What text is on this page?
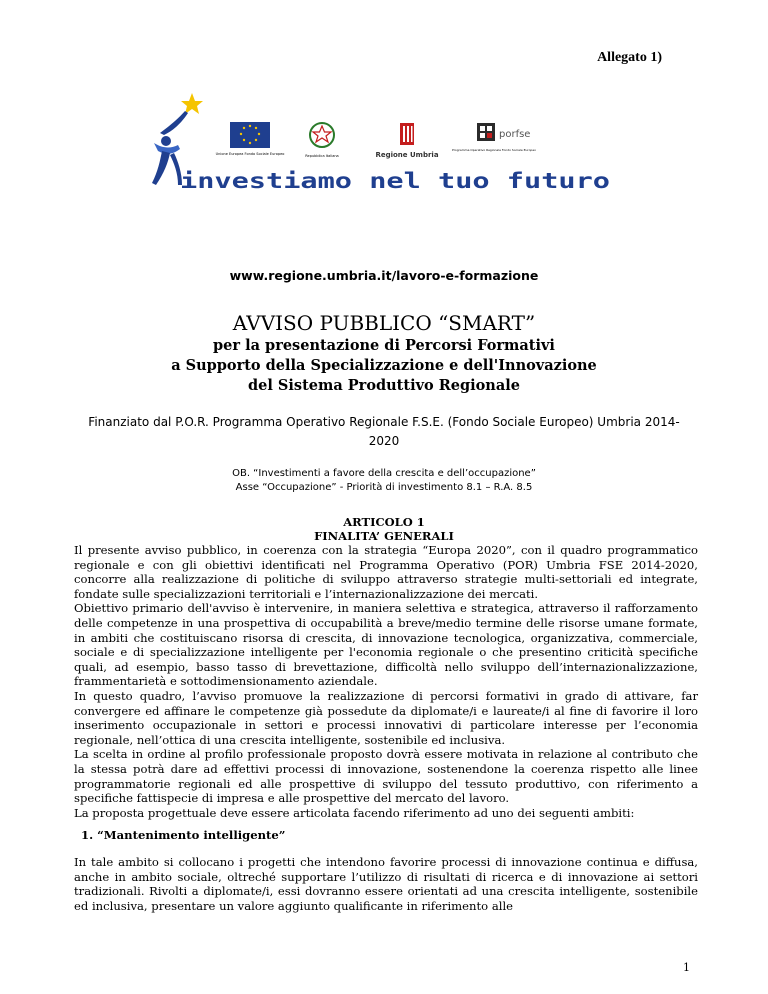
Allegato 1)
Unione Europea Fondo Sociale Europeo	Repubblica Italiana	Regione Umbria
porfse
Programma Operativo Regionale Fondo Sociale Europeo
investiamo nel tuo futuro
www.regione.umbria.it/lavoro-e-formazione
AVVISO PUBBLICO “SMART”
per la presentazione di Percorsi Formativi
a Supporto della Specializzazione e dell'Innovazione
del Sistema Produttivo Regionale
Finanziato dal P.O.R. Programma Operativo Regionale F.S.E. (Fondo Sociale Europeo) Umbria 2014-2020
OB. “Investimenti a favore della crescita e dell’occupazione”
Asse “Occupazione” - Priorità di investimento 8.1 – R.A. 8.5
ARTICOLO 1
FINALITA’ GENERALI

Il presente avviso pubblico, in coerenza con la strategia “Europa 2020”, con il quadro programmatico regionale e con gli obiettivi identificati nel Programma Operativo (POR) Umbria FSE 2014-2020, concorre alla realizzazione di politiche di sviluppo attraverso strategie multi-settoriali ed integrate, fondate sulle specializzazioni territoriali e l’internazionalizzazione dei mercati.

Obiettivo primario dell'avviso è intervenire, in maniera selettiva e strategica, attraverso il rafforzamento delle competenze in una prospettiva di occupabilità a breve/medio termine delle risorse umane formate, in ambiti che costituiscano risorsa di crescita, di innovazione tecnologica, organizzativa, commerciale, sociale e di specializzazione intelligente per l'economia regionale o che presentino criticità specifiche quali, ad esempio, basso tasso di brevettazione, difficoltà nello sviluppo dell’internazionalizzazione, frammentarietà e sottodimensionamento aziendale.

In questo quadro, l’avviso promuove la realizzazione di percorsi formativi in grado di attivare, far convergere ed affinare le competenze già possedute da diplomate/i e laureate/i al fine di favorire il loro inserimento occupazionale in settori e processi innovativi di particolare interesse per l’economia regionale, nell’ottica di una crescita intelligente, sostenibile ed inclusiva.

La scelta in ordine al profilo professionale proposto dovrà essere motivata in relazione al contributo che la stessa potrà dare ad effettivi processi di innovazione, sostenendone la coerenza rispetto alle linee programmatorie regionali ed alle prospettive di sviluppo del tessuto produttivo, con riferimento a specifiche fattispecie di impresa e alle prospettive del mercato del lavoro.

La proposta progettuale deve essere articolata facendo riferimento ad uno dei seguenti ambiti:

1. “Mantenimento intelligente”
In tale ambito si collocano i progetti che intendono favorire processi di innovazione continua e diffusa, anche in ambito sociale, oltreché supportare l’utilizzo di risultati di ricerca e di innovazione ai settori tradizionali. Rivolti a diplomate/i, essi dovranno essere orientati ad una crescita intelligente, sostenibile ed inclusiva, presentare un valore aggiunto qualificante in riferimento alle
1
